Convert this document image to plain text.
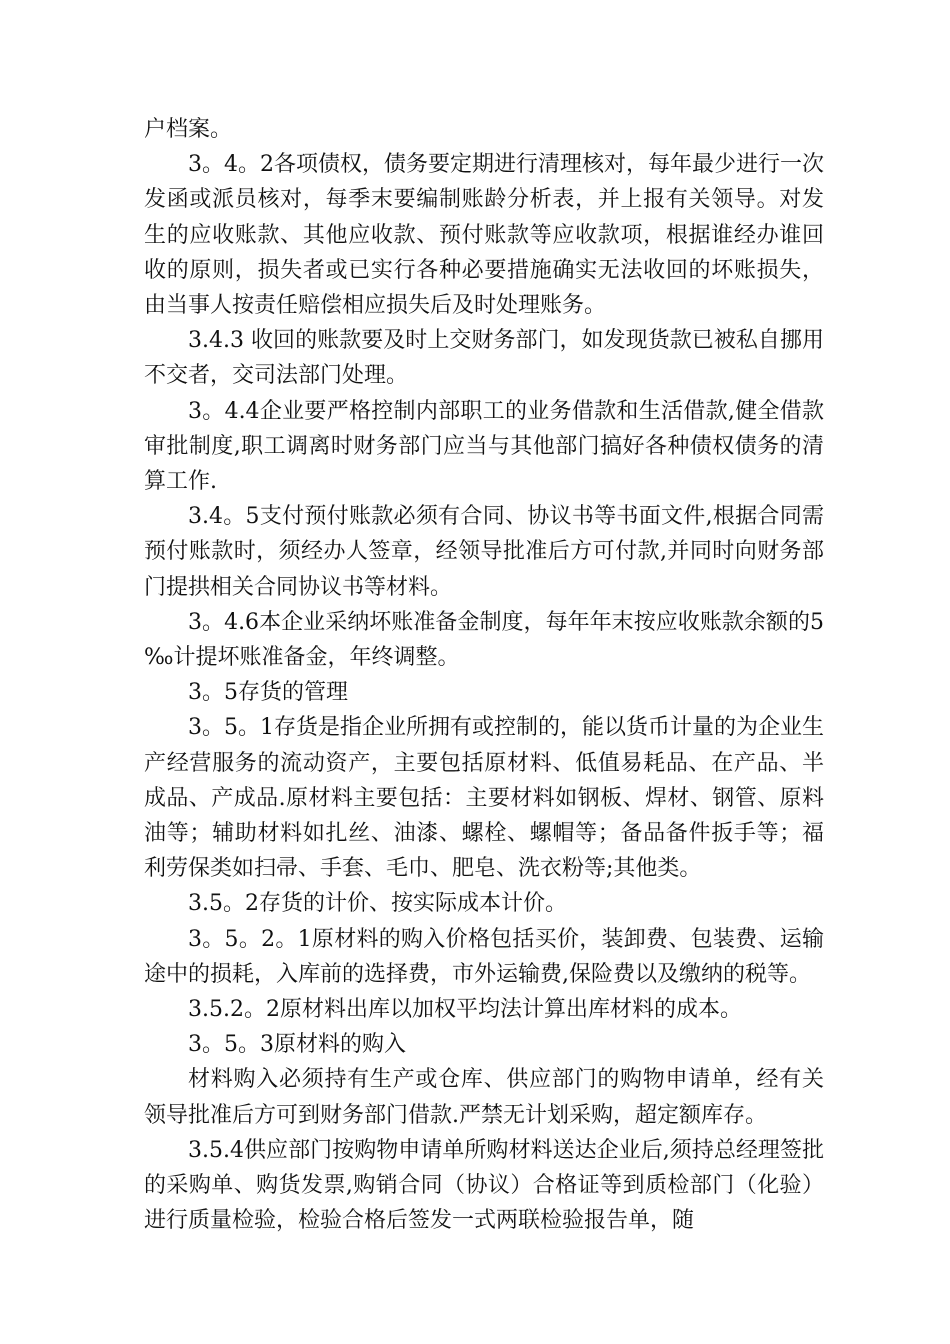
户档案。

3。4。2各项债权，债务要定期进行清理核对，每年最少进行一次发函或派员核对，每季末要编制账龄分析表，并上报有关领导。对发生的应收账款、其他应收款、预付账款等应收款项，根据谁经办谁回收的原则，损失者或已实行各种必要措施确实无法收回的坏账损失，由当事人按责任赔偿相应损失后及时处理账务。

3.4.3 收回的账款要及时上交财务部门，如发现货款已被私自挪用不交者，交司法部门处理。

3。4.4企业要严格控制内部职工的业务借款和生活借款,健全借款审批制度,职工调离时财务部门应当与其他部门搞好各种债权债务的清算工作.

3.4。5支付预付账款必须有合同、协议书等书面文件,根据合同需预付账款时，须经办人签章，经领导批准后方可付款,并同时向财务部门提拱相关合同协议书等材料。

3。4.6本企业采纳坏账准备金制度，每年年末按应收账款余额的5‰计提坏账准备金，年终调整。

3。5存货的管理

3。5。1存货是指企业所拥有或控制的，能以货币计量的为企业生产经营服务的流动资产，主要包括原材料、低值易耗品、在产品、半成品、产成品.原材料主要包括：主要材料如钢板、焊材、钢管、原料油等；辅助材料如扎丝、油漆、螺栓、螺帽等；备品备件扳手等；福利劳保类如扫帚、手套、毛巾、肥皂、洗衣粉等;其他类。

3.5。2存货的计价、按实际成本计价。

3。5。2。1原材料的购入价格包括买价，装卸费、包装费、运输途中的损耗，入库前的选择费，市外运输费,保险费以及缴纳的税等。

3.5.2。2原材料出库以加权平均法计算出库材料的成本。

3。5。3原材料的购入

材料购入必须持有生产或仓库、供应部门的购物申请单，经有关领导批准后方可到财务部门借款.严禁无计划采购，超定额库存。

3.5.4供应部门按购物申请单所购材料送达企业后,须持总经理签批的采购单、购货发票,购销合同（协议）合格证等到质检部门（化验）进行质量检验，检验合格后签发一式两联检验报告单，随
